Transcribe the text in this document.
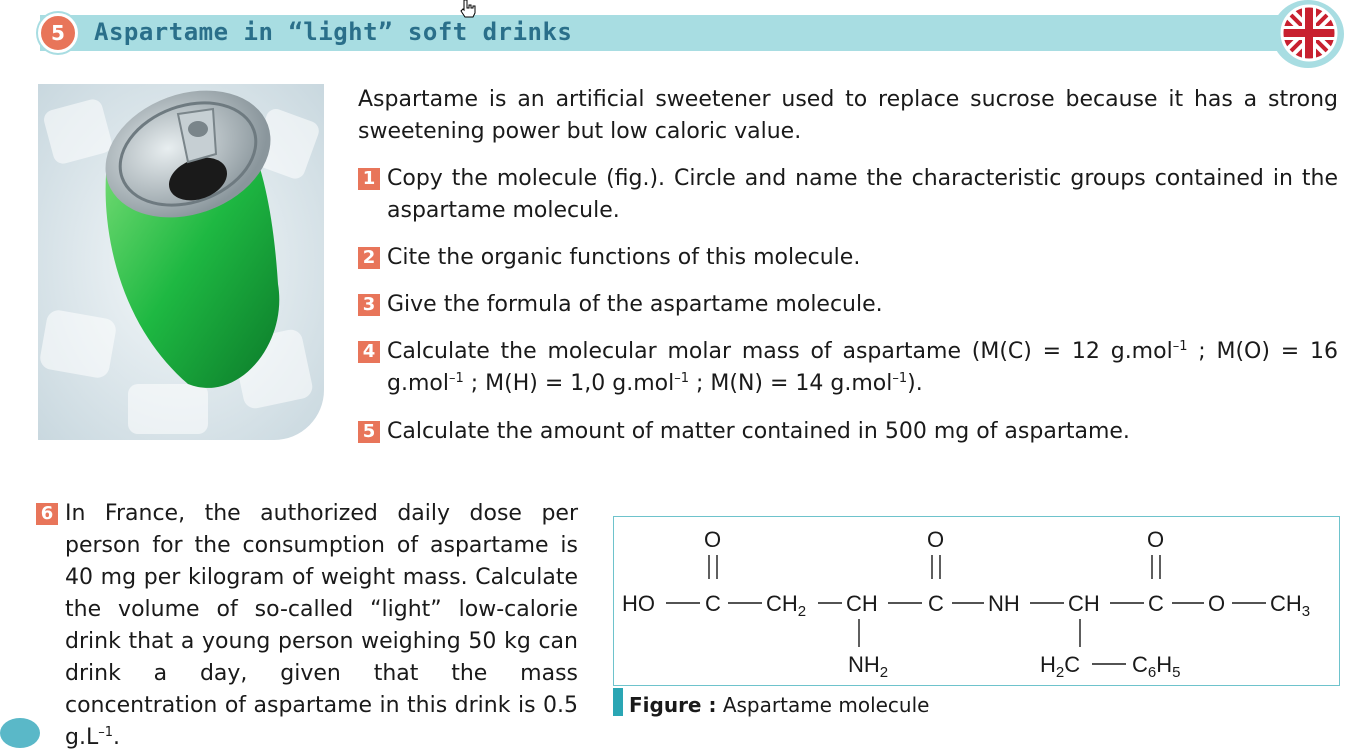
5 Aspartame in “light” soft drinks
Aspartame is an artificial sweetener used to replace sucrose because it has a strong sweetening power but low caloric value.
1 Copy the molecule (fig.). Circle and name the characteristic groups contained in the aspartame molecule.
2 Cite the organic functions of this molecule.
3 Give the formula of the aspartame molecule.
4 Calculate the molecular molar mass of aspartame (M(C) = 12 g.mol$^{-1}$ ; M(O) = 16 g.mol$^{-1}$ ; M(H) = 1,0 g.mol$^{-1}$ ; M(N) = 14 g.mol$^{-1}$).
5 Calculate the amount of matter contained in 500 mg of aspartame.
6 In France, the authorized daily dose per person for the consumption of aspartame is 40 mg per kilogram of weight mass. Calculate the volume of so-called “light” low-calorie drink that a young person weighing 50 kg can drink a day, given that the mass concentration of aspartame in this drink is 0.5 $g.L^{-1}$.
O	O	O
HO C $CH_2$ CH C NH CH C O $CH_3$
$NH_2$	$H_2C$ $C_6H_5$
Figure : Aspartame molecule
